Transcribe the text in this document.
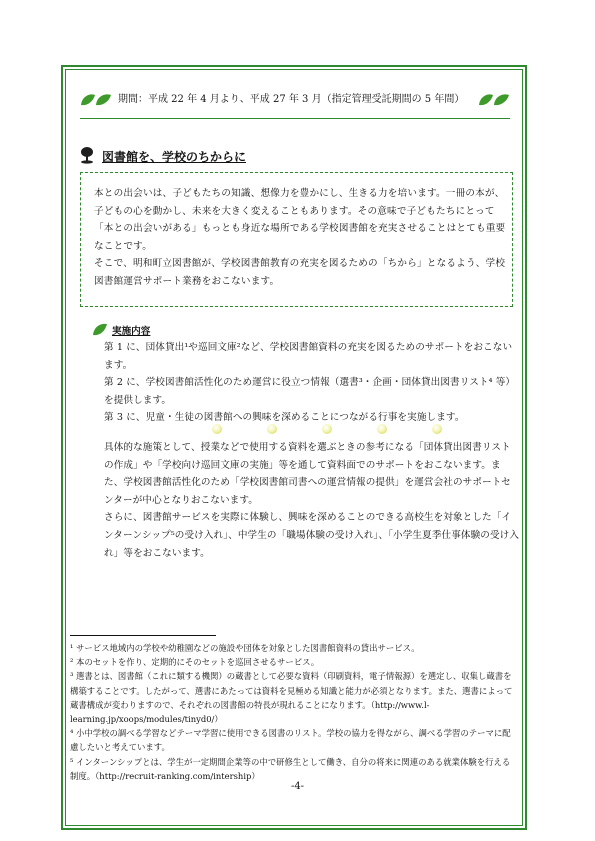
期間：平成 22 年 4 月より、平成 27 年 3 月（指定管理受託期間の 5 年間）
図書館を、学校のちからに

本との出会いは、子どもたちの知識、想像力を豊かにし、生きる力を培います。一冊の本が、子どもの心を動かし、未来を大きく変えることもあります。その意味で子どもたちにとって「本との出会いがある」もっとも身近な場所である学校図書館を充実させることはとても重要なことです。
そこで、明和町立図書館が、学校図書館教育の充実を図るための「ちから」となるよう、学校図書館運営サポート業務をおこないます。

実施内容

第 1 に、団体貸出¹や巡回文庫²など、学校図書館資料の充実を図るためのサポートをおこないます。
第 2 に、学校図書館活性化のため運営に役立つ情報（選書³・企画・団体貸出図書リスト⁴ 等）を提供します。
第 3 に、児童・生徒の図書館への興味を深めることにつながる行事を実施します。

具体的な施策として、授業などで使用する資料を選ぶときの参考になる「団体貸出図書リストの作成」や「学校向け巡回文庫の実施」等を通して資料面でのサポートをおこないます。また、学校図書館活性化のため「学校図書館司書への運営情報の提供」を運営会社のサポートセンターが中心となりおこないます。
さらに、図書館サービスを実際に体験し、興味を深めることのできる高校生を対象とした「インターンシップ⁵の受け入れ」、中学生の「職場体験の受け入れ」、「小学生夏季仕事体験の受け入れ」等をおこないます。

¹ サービス地域内の学校や幼稚園などの施設や団体を対象とした図書館資料の貸出サービス。
² 本のセットを作り、定期的にそのセットを巡回させるサービス。
³ 選書とは、図書館（これに類する機関）の蔵書として必要な資料（印刷資料，電子情報源）を選定し、収集し蔵書を構築することです。したがって、選書にあたっては資料を見極める知識と能力が必須となります。また、選書によって蔵書構成が変わりますので、それぞれの図書館の特長が現れることになります。（http://www.l-learning.jp/xoops/modules/tinyd0/）
⁴ 小中学校の調べる学習などテーマ学習に使用できる図書のリスト。学校の協力を得ながら、調べる学習のテーマに配慮したいと考えています。
⁵ インターンシップとは、学生が一定期間企業等の中で研修生として働き、自分の将来に関連のある就業体験を行える制度。（http://recruit-ranking.com/intership）
-4-
